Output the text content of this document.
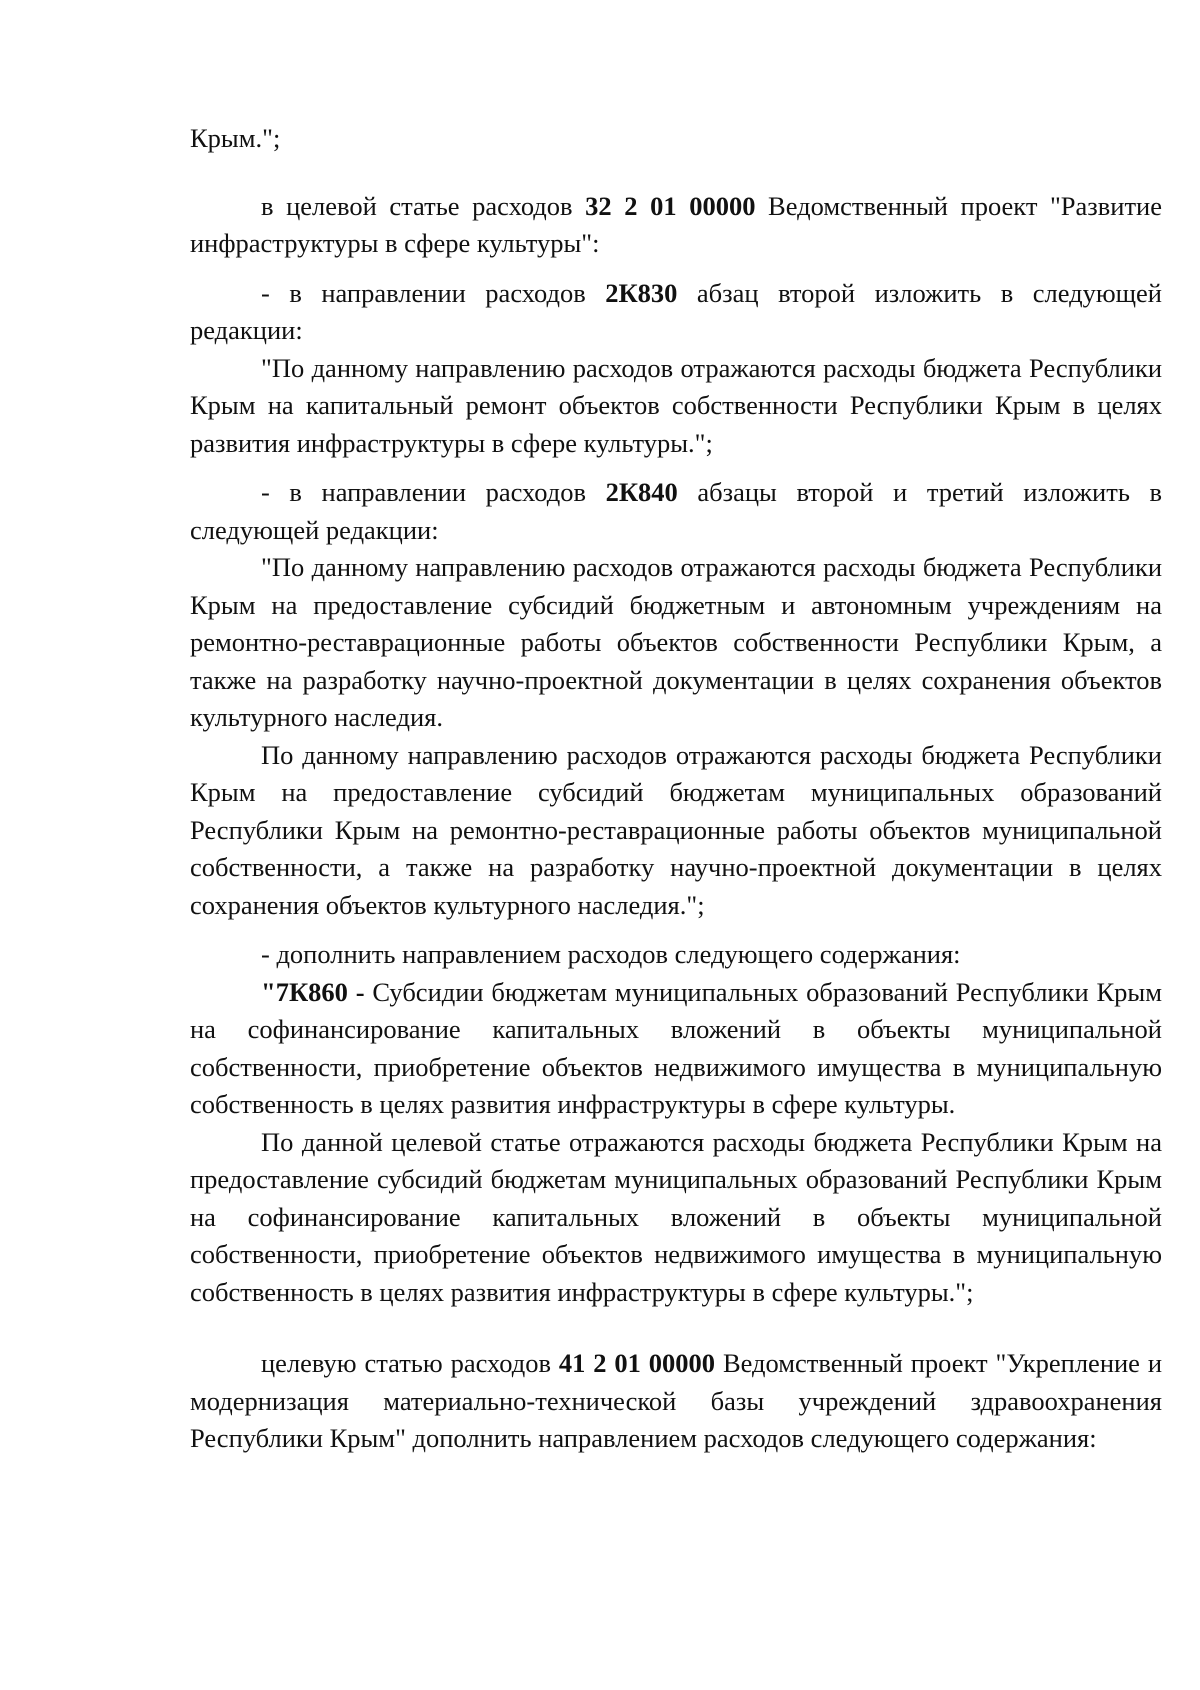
Крым.";

в целевой статье расходов 32 2 01 00000 Ведомственный проект "Развитие инфраструктуры в сфере культуры":

- в направлении расходов 2К830 абзац второй изложить в следующей редакции:

"По данному направлению расходов отражаются расходы бюджета Республики Крым на капитальный ремонт объектов собственности Республики Крым в целях развития инфраструктуры в сфере культуры.";

- в направлении расходов 2К840 абзацы второй и третий изложить в следующей редакции:

"По данному направлению расходов отражаются расходы бюджета Республики Крым на предоставление субсидий бюджетным и автономным учреждениям на ремонтно-реставрационные работы объектов собственности Республики Крым, а также на разработку научно-проектной документации в целях сохранения объектов культурного наследия.

По данному направлению расходов отражаются расходы бюджета Республики Крым на предоставление субсидий бюджетам муниципальных образований Республики Крым на ремонтно-реставрационные работы объектов муниципальной собственности, а также на разработку научно-проектной документации в целях сохранения объектов культурного наследия.";

- дополнить направлением расходов следующего содержания:

"7К860 - Субсидии бюджетам муниципальных образований Республики Крым на софинансирование капитальных вложений в объекты муниципальной собственности, приобретение объектов недвижимого имущества в муниципальную собственность в целях развития инфраструктуры в сфере культуры.

По данной целевой статье отражаются расходы бюджета Республики Крым на предоставление субсидий бюджетам муниципальных образований Республики Крым на софинансирование капитальных вложений в объекты муниципальной собственности, приобретение объектов недвижимого имущества в муниципальную собственность в целях развития инфраструктуры в сфере культуры.";

целевую статью расходов 41 2 01 00000 Ведомственный проект "Укрепление и модернизация материально-технической базы учреждений здравоохранения Республики Крым" дополнить направлением расходов следующего содержания:
